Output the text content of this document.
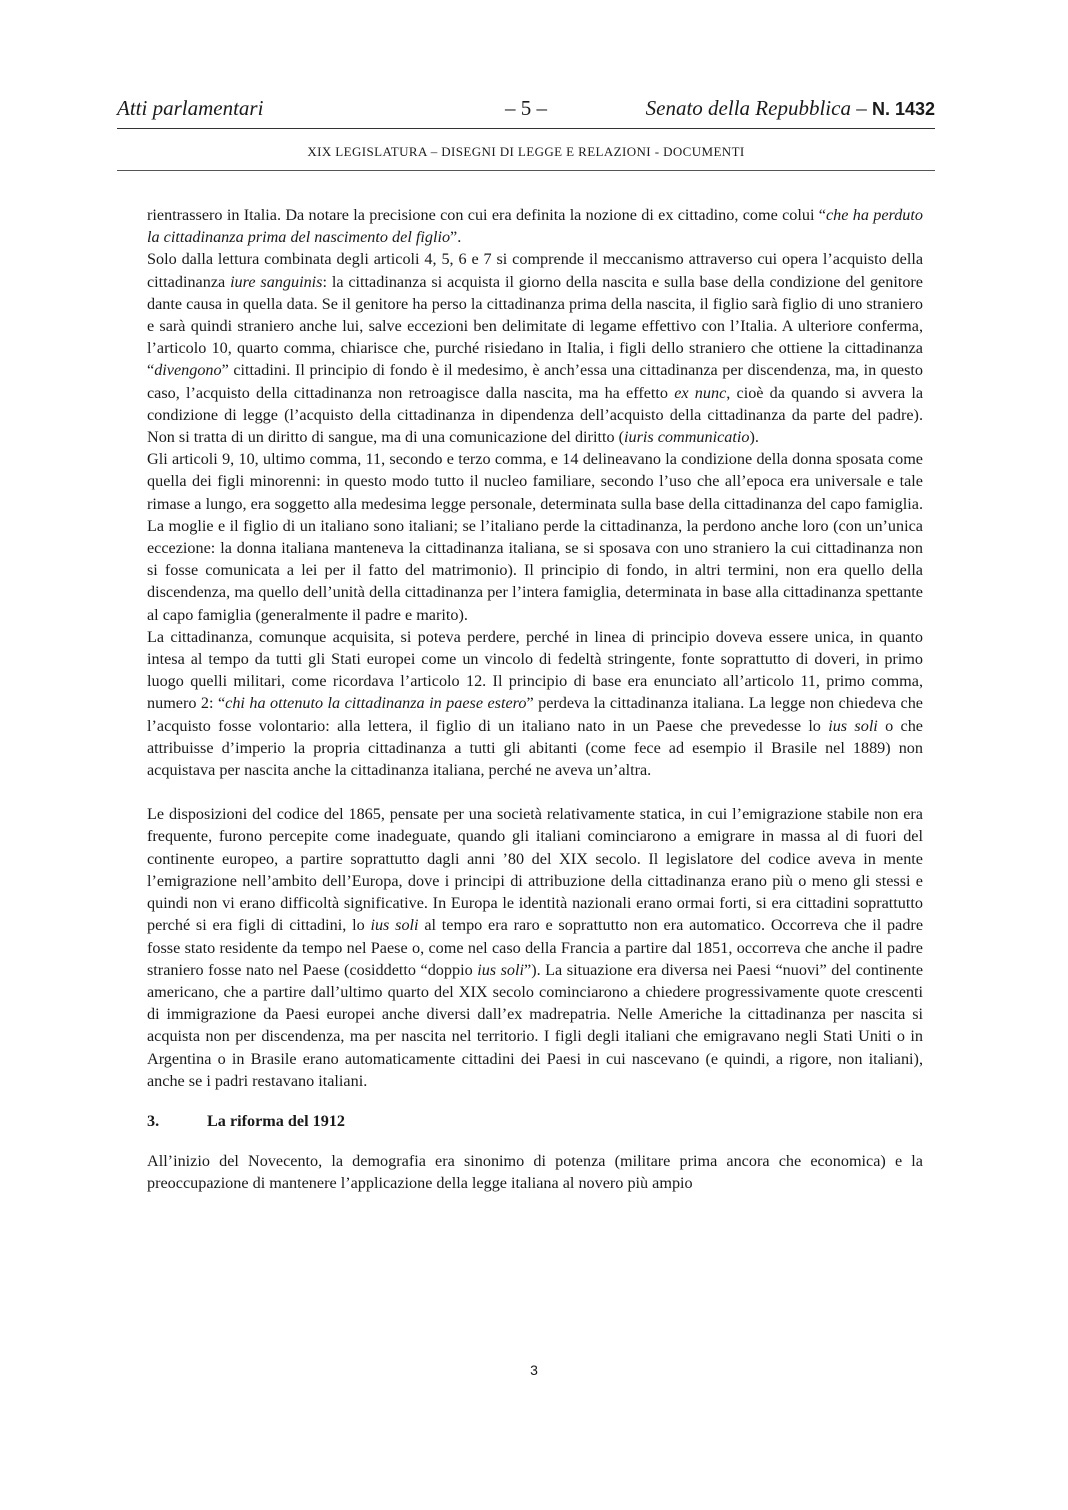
Atti parlamentari	– 5 –	Senato della Repubblica – N. 1432
XIX LEGISLATURA – DISEGNI DI LEGGE E RELAZIONI - DOCUMENTI

rientrassero in Italia. Da notare la precisione con cui era definita la nozione di ex cittadino, come colui “che ha perduto la cittadinanza prima del nascimento del figlio”.

Solo dalla lettura combinata degli articoli 4, 5, 6 e 7 si comprende il meccanismo attraverso cui opera l’acquisto della cittadinanza iure sanguinis: la cittadinanza si acquista il giorno della nascita e sulla base della condizione del genitore dante causa in quella data. Se il genitore ha perso la cittadinanza prima della nascita, il figlio sarà figlio di uno straniero e sarà quindi straniero anche lui, salve eccezioni ben delimitate di legame effettivo con l’Italia. A ulteriore conferma, l’articolo 10, quarto comma, chiarisce che, purché risiedano in Italia, i figli dello straniero che ottiene la cittadinanza “divengono” cittadini. Il principio di fondo è il medesimo, è anch’essa una cittadinanza per discendenza, ma, in questo caso, l’acquisto della cittadinanza non retroagisce dalla nascita, ma ha effetto ex nunc, cioè da quando si avvera la condizione di legge (l’acquisto della cittadinanza in dipendenza dell’acquisto della cittadinanza da parte del padre). Non si tratta di un diritto di sangue, ma di una comunicazione del diritto (iuris communicatio).

Gli articoli 9, 10, ultimo comma, 11, secondo e terzo comma, e 14 delineavano la condizione della donna sposata come quella dei figli minorenni: in questo modo tutto il nucleo familiare, secondo l’uso che all’epoca era universale e tale rimase a lungo, era soggetto alla medesima legge personale, determinata sulla base della cittadinanza del capo famiglia. La moglie e il figlio di un italiano sono italiani; se l’italiano perde la cittadinanza, la perdono anche loro (con un’unica eccezione: la donna italiana manteneva la cittadinanza italiana, se si sposava con uno straniero la cui cittadinanza non si fosse comunicata a lei per il fatto del matrimonio). Il principio di fondo, in altri termini, non era quello della discendenza, ma quello dell’unità della cittadinanza per l’intera famiglia, determinata in base alla cittadinanza spettante al capo famiglia (generalmente il padre e marito).

La cittadinanza, comunque acquisita, si poteva perdere, perché in linea di principio doveva essere unica, in quanto intesa al tempo da tutti gli Stati europei come un vincolo di fedeltà stringente, fonte soprattutto di doveri, in primo luogo quelli militari, come ricordava l’articolo 12. Il principio di base era enunciato all’articolo 11, primo comma, numero 2: “chi ha ottenuto la cittadinanza in paese estero” perdeva la cittadinanza italiana. La legge non chiedeva che l’acquisto fosse volontario: alla lettera, il figlio di un italiano nato in un Paese che prevedesse lo ius soli o che attribuisse d’imperio la propria cittadinanza a tutti gli abitanti (come fece ad esempio il Brasile nel 1889) non acquistava per nascita anche la cittadinanza italiana, perché ne aveva un’altra.

Le disposizioni del codice del 1865, pensate per una società relativamente statica, in cui l’emigrazione stabile non era frequente, furono percepite come inadeguate, quando gli italiani cominciarono a emigrare in massa al di fuori del continente europeo, a partire soprattutto dagli anni ’80 del XIX secolo. Il legislatore del codice aveva in mente l’emigrazione nell’ambito dell’Europa, dove i principi di attribuzione della cittadinanza erano più o meno gli stessi e quindi non vi erano difficoltà significative. In Europa le identità nazionali erano ormai forti, si era cittadini soprattutto perché si era figli di cittadini, lo ius soli al tempo era raro e soprattutto non era automatico. Occorreva che il padre fosse stato residente da tempo nel Paese o, come nel caso della Francia a partire dal 1851, occorreva che anche il padre straniero fosse nato nel Paese (cosiddetto “doppio ius soli”). La situazione era diversa nei Paesi “nuovi” del continente americano, che a partire dall’ultimo quarto del XIX secolo cominciarono a chiedere progressivamente quote crescenti di immigrazione da Paesi europei anche diversi dall’ex madrepatria. Nelle Americhe la cittadinanza per nascita si acquista non per discendenza, ma per nascita nel territorio. I figli degli italiani che emigravano negli Stati Uniti o in Argentina o in Brasile erano automaticamente cittadini dei Paesi in cui nascevano (e quindi, a rigore, non italiani), anche se i padri restavano italiani.

3.	La riforma del 1912

All’inizio del Novecento, la demografia era sinonimo di potenza (militare prima ancora che economica) e la preoccupazione di mantenere l’applicazione della legge italiana al novero più ampio

3
